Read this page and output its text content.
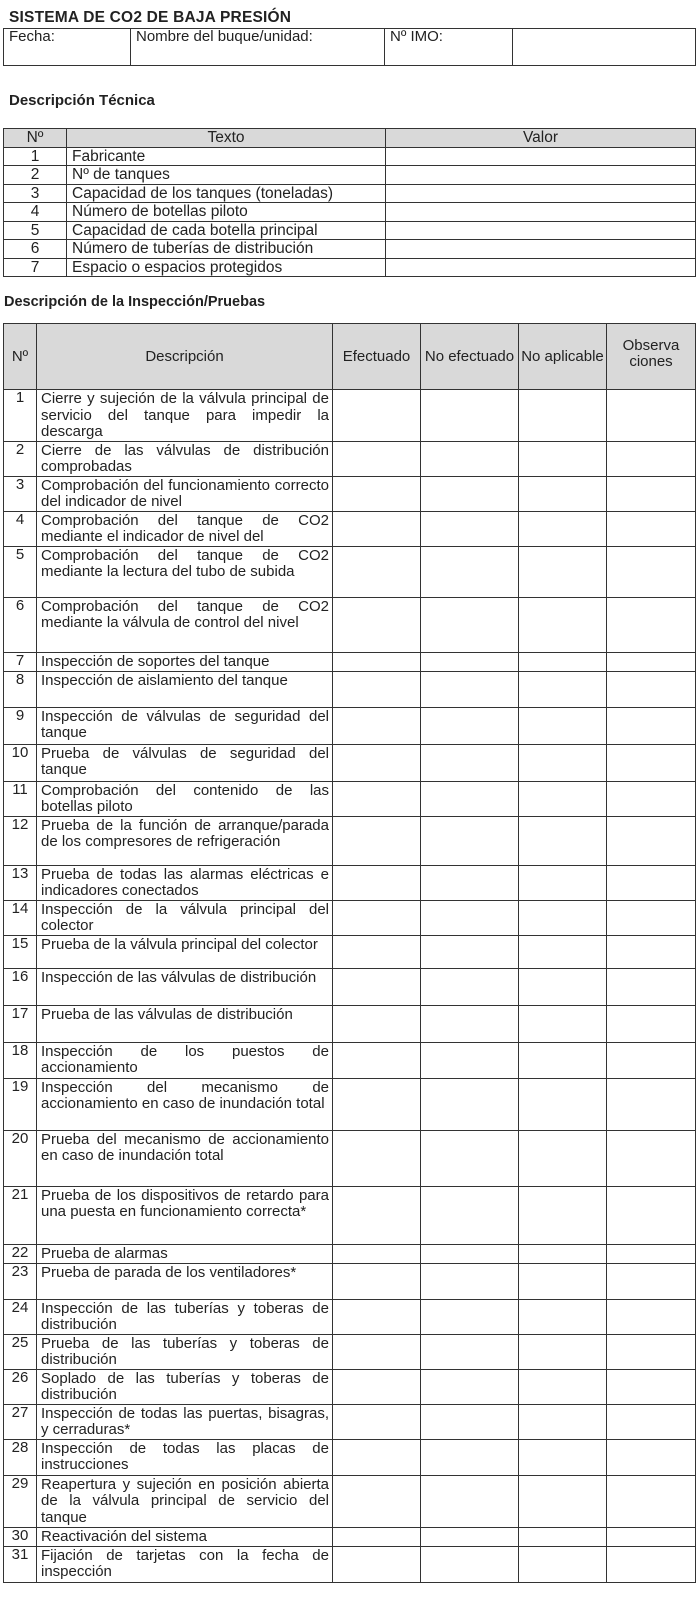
SISTEMA DE CO2 DE BAJA PRESIÓN
Fecha:	Nombre del buque/unidad:	Nº IMO:	
Descripción Técnica
Nº	Texto	Valor
1	Fabricante	
2	Nº de tanques	
3	Capacidad de los tanques (toneladas)	
4	Número de botellas piloto	
5	Capacidad de cada botella principal	
6	Número de tuberías de distribución	
7	Espacio o espacios protegidos	
Descripción de la Inspección/Pruebas
Nº	Descripción	Efectuado	No efectuado	No aplicable	Observa ciones
1	Cierre y sujeción de la válvula principal de servicio del tanque para impedir la descarga				
2	Cierre de las válvulas de distribución comprobadas				
3	Comprobación del funcionamiento correcto del indicador de nivel				
4	Comprobación del tanque de CO2 mediante el indicador de nivel del				
5	Comprobación del tanque de CO2 mediante la lectura del tubo de subida				
6	Comprobación del tanque de CO2 mediante la válvula de control del nivel				
7	Inspección de soportes del tanque				
8	Inspección de aislamiento del tanque				
9	Inspección de válvulas de seguridad del tanque				
10	Prueba de válvulas de seguridad del tanque				
11	Comprobación del contenido de las botellas piloto				
12	Prueba de la función de arranque/parada de los compresores de refrigeración				
13	Prueba de todas las alarmas eléctricas e indicadores conectados				
14	Inspección de la válvula principal del colector				
15	Prueba de la válvula principal del colector				
16	Inspección de las válvulas de distribución				
17	Prueba de las válvulas de distribución				
18	Inspección de los puestos de accionamiento				
19	Inspección del mecanismo de accionamiento en caso de inundación total				
20	Prueba del mecanismo de accionamiento en caso de inundación total				
21	Prueba de los dispositivos de retardo para una puesta en funcionamiento correcta*				
22	Prueba de alarmas				
23	Prueba de parada de los ventiladores*				
24	Inspección de las tuberías y toberas de distribución				
25	Prueba de las tuberías y toberas de distribución				
26	Soplado de las tuberías y toberas de distribución				
27	Inspección de todas las puertas, bisagras, y cerraduras*				
28	Inspección de todas las placas de instrucciones				
29	Reapertura y sujeción en posición abierta de la válvula principal de servicio del tanque				
30	Reactivación del sistema				
31	Fijación de tarjetas con la fecha de inspección				
